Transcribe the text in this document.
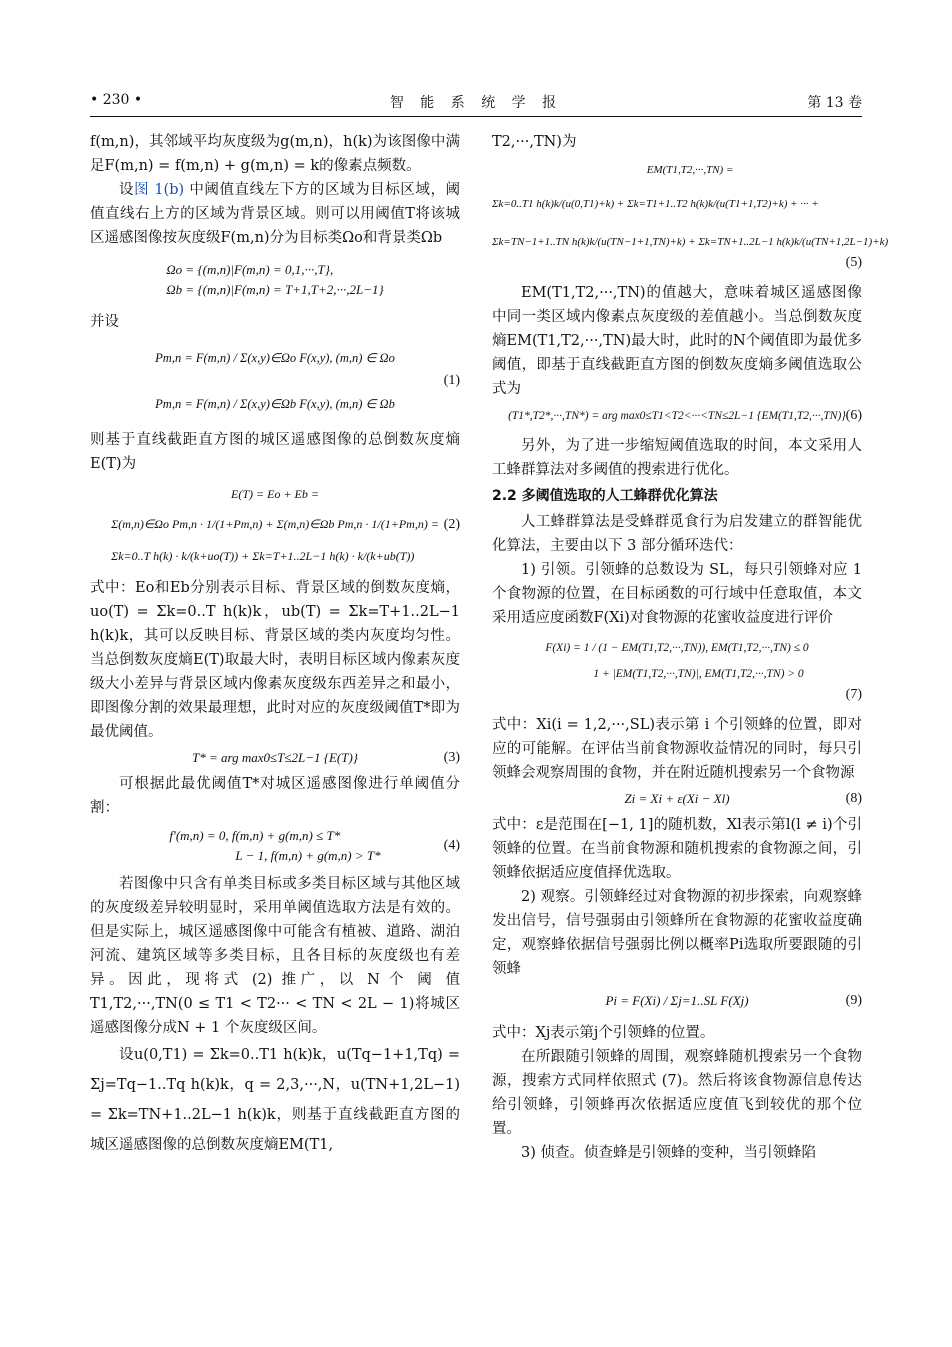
智 能 系 统 学 报
• 230 •	第 13 卷

f(m,n)，其邻域平均灰度级为g(m,n)，h(k)为该图像中满足F(m,n) = f(m,n) + g(m,n) = k的像素点频数。

设图 1(b) 中阈值直线左下方的区域为目标区域，阈值直线右上方的区域为背景区域。则可以用阈值T将该城区遥感图像按灰度级F(m,n)分为目标类Ωo和背景类Ωb

Ωo = {(m,n)|F(m,n) = 0,1,···,T},
Ωb = {(m,n)|F(m,n) = T+1,T+2,···,2L−1}

并设

Pm,n = F(m,n) / Σ(x,y)∈Ωo F(x,y), (m,n) ∈ Ωo
Pm,n = F(m,n) / Σ(x,y)∈Ωb F(x,y), (m,n) ∈ Ωb
(1)

则基于直线截距直方图的城区遥感图像的总倒数灰度熵E(T)为

E(T) = Eo + Eb =
Σ(m,n)∈Ωo Pm,n · 1/(1+Pm,n) + Σ(m,n)∈Ωb Pm,n · 1/(1+Pm,n) =
Σk=0..T h(k) · k/(k+uo(T)) + Σk=T+1..2L−1 h(k) · k/(k+ub(T))
(2)

式中：Eo和Eb分别表示目标、背景区域的倒数灰度熵，uo(T) = Σk=0..T h(k)k，ub(T) = Σk=T+1..2L−1 h(k)k，其可以反映目标、背景区域的类内灰度均匀性。当总倒数灰度熵E(T)取最大时，表明目标区域内像素灰度级大小差异与背景区域内像素灰度级东西差异之和最小，即图像分割的效果最理想，此时对应的灰度级阈值T*即为最优阈值。

T* = arg max0≤T≤2L−1 {E(T)}	(3)

可根据此最优阈值T*对城区遥感图像进行单阈值分割：

f′(m,n) = 0, f(m,n) + g(m,n) ≤ T*
L − 1, f(m,n) + g(m,n) > T*
(4)

若图像中只含有单类目标或多类目标区域与其他区域的灰度级差异较明显时，采用单阈值选取方法是有效的。但是实际上，城区遥感图像中可能含有植被、道路、湖泊河流、建筑区域等多类目标，且各目标的灰度级也有差异。因此，现将式 (2) 推广，以 N 个 阈 值T1,T2,···,TN(0 ≤ T1 < T2··· < TN < 2L − 1)将城区遥感图像分成N + 1 个灰度级区间。

设u(0,T1) = Σk=0..T1 h(k)k，u(Tq−1+1,Tq) = Σj=Tq−1..Tq h(k)k，q = 2,3,···,N，u(TN+1,2L−1) = Σk=TN+1..2L−1 h(k)k，则基于直线截距直方图的城区遥感图像的总倒数灰度熵EM(T1,

T2,···,TN)为

EM(T1,T2,···,TN) =
Σk=0..T1 h(k)k/(u(0,T1)+k) + Σk=T1+1..T2 h(k)k/(u(T1+1,T2)+k) + ··· +
Σk=TN−1+1..TN h(k)k/(u(TN−1+1,TN)+k) + Σk=TN+1..2L−1 h(k)k/(u(TN+1,2L−1)+k)
(5)

EM(T1,T2,···,TN)的值越大，意味着城区遥感图像中同一类区域内像素点灰度级的差值越小。当总倒数灰度熵EM(T1,T2,···,TN)最大时，此时的N个阈值即为最优多阈值，即基于直线截距直方图的倒数灰度熵多阈值选取公式为

(T1*,T2*,···,TN*) = arg max0≤T1<T2<···<TN≤2L−1 {EM(T1,T2,···,TN)} (6)

另外，为了进一步缩短阈值选取的时间，本文采用人工蜂群算法对多阈值的搜索进行优化。

2.2 多阈值选取的人工蜂群优化算法

人工蜂群算法是受蜂群觅食行为启发建立的群智能优化算法，主要由以下 3 部分循环迭代：

1) 引领。引领蜂的总数设为 SL，每只引领蜂对应 1 个食物源的位置，在目标函数的可行域中任意取值，本文采用适应度函数F(Xi)对食物源的花蜜收益度进行评价

F(Xi) = 1 / (1 − EM(T1,T2,···,TN)), EM(T1,T2,···,TN) ≤ 0
1 + |EM(T1,T2,···,TN)|, EM(T1,T2,···,TN) > 0
(7)

式中：Xi(i = 1,2,···,SL)表示第 i 个引领蜂的位置，即对应的可能解。在评估当前食物源收益情况的同时，每只引领蜂会观察周围的食物，并在附近随机搜索另一个食物源

Zi = Xi + ε(Xi − Xl)	(8)

式中：ε是范围在[−1, 1]的随机数，Xl表示第l(l ≠ i)个引领蜂的位置。在当前食物源和随机搜索的食物源之间，引领蜂依据适应度值择优选取。

2) 观察。引领蜂经过对食物源的初步探索，向观察蜂发出信号，信号强弱由引领蜂所在食物源的花蜜收益度确定，观察蜂依据信号强弱比例以概率Pi选取所要跟随的引领蜂

Pi = F(Xi) / Σj=1..SL F(Xj)	(9)

式中：Xj表示第j个引领蜂的位置。

在所跟随引领蜂的周围，观察蜂随机搜索另一个食物源，搜索方式同样依照式 (7)。然后将该食物源信息传达给引领蜂，引领蜂再次依据适应度值飞到较优的那个位置。

3) 侦查。侦查蜂是引领蜂的变种，当引领蜂陷
